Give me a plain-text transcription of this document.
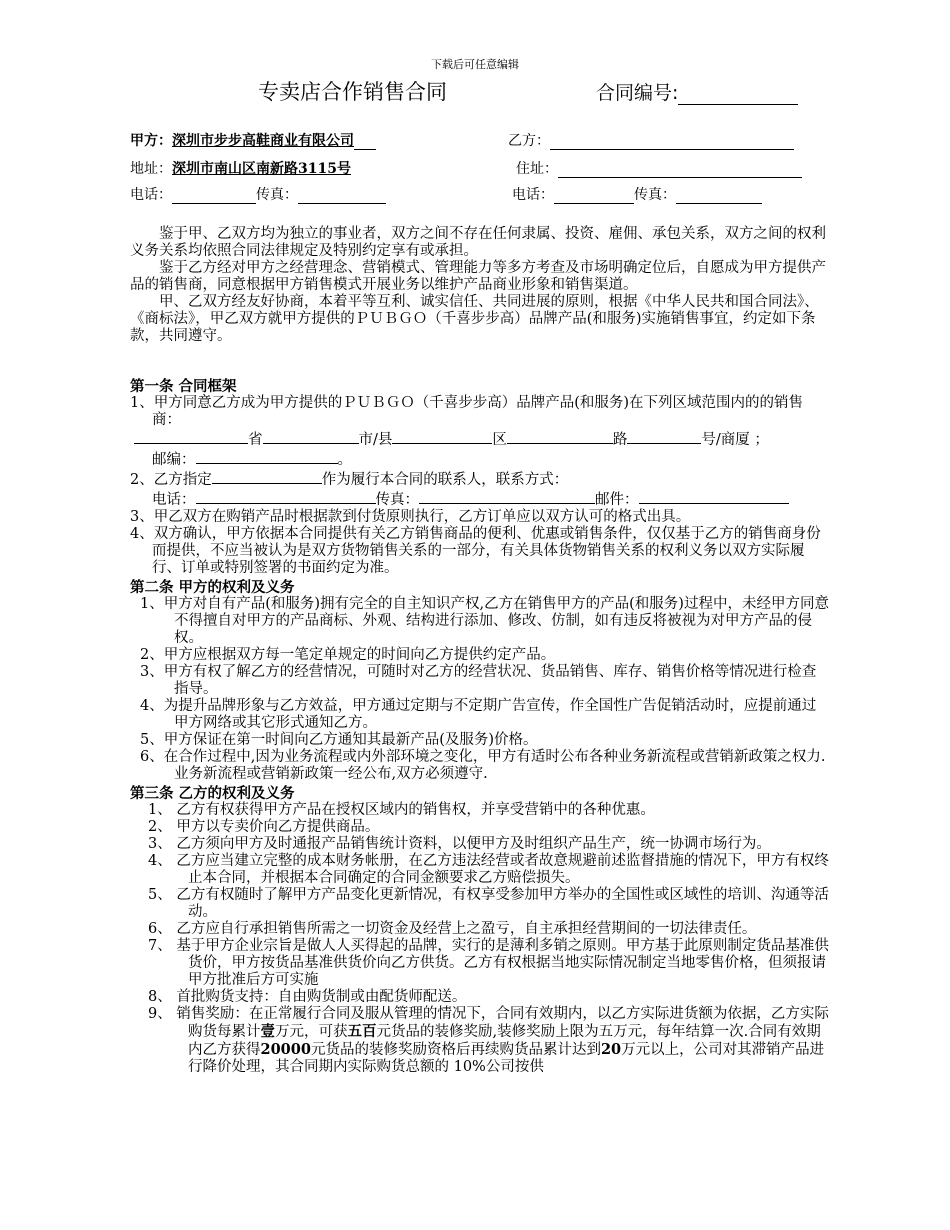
下载后可任意编辑
专卖店合作销售合同	合同编号:
甲方：深圳市步步高鞋商业有限公司
地址：深圳市南山区南新路3115号
电话：	传真：
乙方：
住址：
电话：	传真：

鉴于甲、乙双方均为独立的事业者，双方之间不存在任何隶属、投资、雇佣、承包关系，双方之间的权利义务关系均依照合同法律规定及特别约定享有或承担。

鉴于乙方经对甲方之经营理念、营销模式、管理能力等多方考查及市场明确定位后，自愿成为甲方提供产品的销售商，同意根据甲方销售模式开展业务以维护产品商业形象和销售渠道。

甲、乙双方经友好协商，本着平等互利、诚实信任、共同进展的原则，根据《中华人民共和国合同法》、《商标法》，甲乙双方就甲方提供的ＰＵＢＧＯ（千喜步步高）品牌产品(和服务)实施销售事宜，约定如下条款，共同遵守。

第一条 合同框架

1、甲方同意乙方成为甲方提供的ＰＵＢＧＯ（千喜步步高）品牌产品(和服务)在下列区域范围内的的销售商：

省	市/县	区	路	号/商厦 ；

邮编：	。

2、乙方指定	作为履行本合同的联系人，联系方式：

电话：	传真：	邮件：

3、甲乙双方在购销产品时根据款到付货原则执行，乙方订单应以双方认可的格式出具。

4、双方确认，甲方依据本合同提供有关乙方销售商品的便利、优惠或销售条件，仅仅基于乙方的销售商身份而提供，不应当被认为是双方货物销售关系的一部分，有关具体货物销售关系的权利义务以双方实际履行、订单或特别签署的书面约定为准。

第二条 甲方的权利及义务

1、甲方对自有产品(和服务)拥有完全的自主知识产权,乙方在销售甲方的产品(和服务)过程中，未经甲方同意不得擅自对甲方的产品商标、外观、结构进行添加、修改、仿制，如有违反将被视为对甲方产品的侵权。

2、甲方应根据双方每一笔定单规定的时间向乙方提供约定产品。

3、甲方有权了解乙方的经营情况，可随时对乙方的经营状况、货品销售、库存、销售价格等情况进行检查指导。

4、为提升品牌形象与乙方效益，甲方通过定期与不定期广告宣传，作全国性广告促销活动时，应提前通过甲方网络或其它形式通知乙方。

5、甲方保证在第一时间向乙方通知其最新产品(及服务)价格。

6、在合作过程中,因为业务流程或内外部环境之变化，甲方有适时公布各种业务新流程或营销新政策之权力.业务新流程或营销新政策一经公布,双方必须遵守.

第三条 乙方的权利及义务

1、 乙方有权获得甲方产品在授权区域内的销售权，并享受营销中的各种优惠。

2、 甲方以专卖价向乙方提供商品。

3、 乙方须向甲方及时通报产品销售统计资料，以便甲方及时组织产品生产，统一协调市场行为。

4、 乙方应当建立完整的成本财务帐册，在乙方违法经营或者故意规避前述监督措施的情况下，甲方有权终止本合同，并根据本合同确定的合同金额要求乙方赔偿损失。

5、 乙方有权随时了解甲方产品变化更新情况，有权享受参加甲方举办的全国性或区域性的培训、沟通等活动。

6、 乙方应自行承担销售所需之一切资金及经营上之盈亏，自主承担经营期间的一切法律责任。

7、 基于甲方企业宗旨是做人人买得起的品牌，实行的是薄利多销之原则。甲方基于此原则制定货品基准供货价，甲方按货品基准供货价向乙方供货。乙方有权根据当地实际情况制定当地零售价格，但须报请甲方批准后方可实施

8、 首批购货支持：自由购货制或由配货师配送。

9、 销售奖励：在正常履行合同及服从管理的情况下，合同有效期内，以乙方实际进货额为依据，乙方实际购货每累计壹万元，可获五百元货品的装修奖励,装修奖励上限为五万元，每年结算一次.合同有效期内乙方获得20000元货品的装修奖励资格后再续购货品累计达到20万元以上，公司对其滞销产品进行降价处理，其合同期内实际购货总额的 10%公司按供
